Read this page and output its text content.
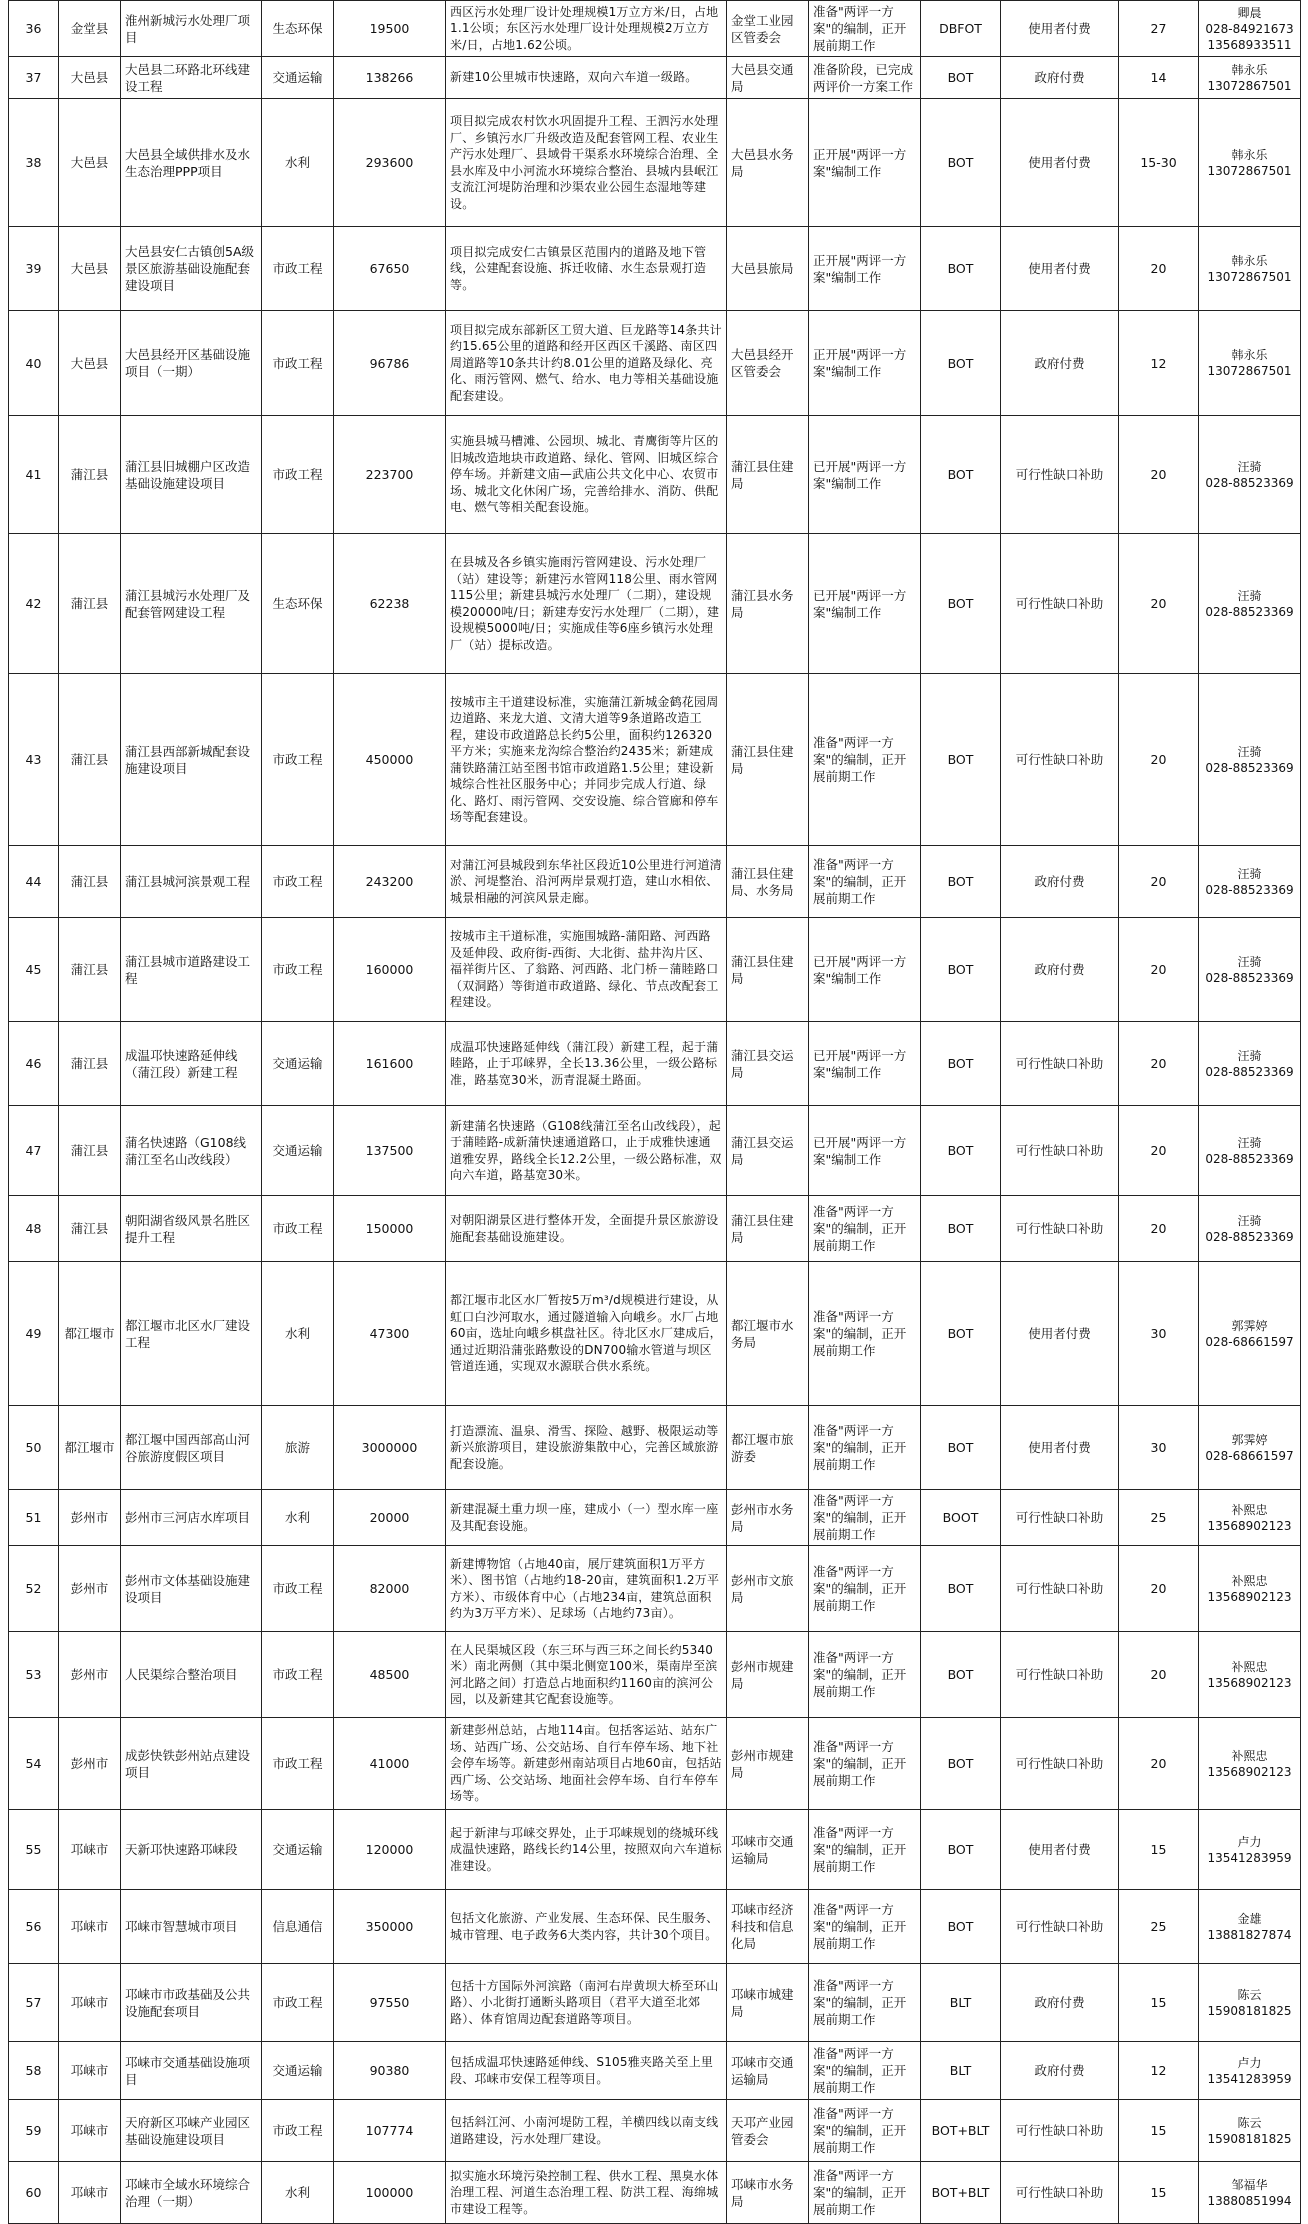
36	金堂县	淮州新城污水处理厂项目	生态环保	19500	西区污水处理厂设计处理规模1万立方米/日，占地1.1公顷；东区污水处理厂设计处理规模2万立方米/日，占地1.62公顷。	金堂工业园区管委会	准备"两评一方案"的编制，正开展前期工作	DBFOT	使用者付费	27	卿晨
028-84921673
13568933511

37	大邑县	大邑县二环路北环线建设工程	交通运输	138266	新建10公里城市快速路，双向六车道一级路。	大邑县交通局	准备阶段，已完成两评价一方案工作	BOT	政府付费	14	韩永乐
13072867501

38	大邑县	大邑县全域供排水及水生态治理PPP项目	水利	293600	项目拟完成农村饮水巩固提升工程、王泗污水处理厂、乡镇污水厂升级改造及配套管网工程、农业生产污水处理厂、县域骨干渠系水环境综合治理、全县水库及中小河流水环境综合整治、县城内县岷江支流江河堤防治理和沙渠农业公园生态湿地等建设。	大邑县水务局	正开展"两评一方案"编制工作	BOT	使用者付费	15-30	韩永乐
13072867501

39	大邑县	大邑县安仁古镇创5A级景区旅游基础设施配套建设项目	市政工程	67650	项目拟完成安仁古镇景区范围内的道路及地下管线，公建配套设施、拆迁收储、水生态景观打造等。	大邑县旅局	正开展"两评一方案"编制工作	BOT	使用者付费	20	韩永乐
13072867501

40	大邑县	大邑县经开区基础设施项目（一期）	市政工程	96786	项目拟完成东部新区工贸大道、巨龙路等14条共计约15.65公里的道路和经开区西区千溪路、南区四周道路等10条共计约8.01公里的道路及绿化、亮化、雨污管网、燃气、给水、电力等相关基础设施配套建设。	大邑县经开区管委会	正开展"两评一方案"编制工作	BOT	政府付费	12	韩永乐
13072867501

41	蒲江县	蒲江县旧城棚户区改造基础设施建设项目	市政工程	223700	实施县城马槽滩、公园坝、城北、青鹰街等片区的旧城改造地块市政道路、绿化、管网、旧城区综合停车场。并新建文庙—武庙公共文化中心、农贸市场、城北文化休闲广场，完善给排水、消防、供配电、燃气等相关配套设施。	蒲江县住建局	已开展"两评一方案"编制工作	BOT	可行性缺口补助	20	汪骑
028-88523369

42	蒲江县	蒲江县城污水处理厂及配套管网建设工程	生态环保	62238	在县城及各乡镇实施雨污管网建设、污水处理厂（站）建设等；新建污水管网118公里、雨水管网115公里；新建县城污水处理厂（二期），建设规模20000吨/日；新建寿安污水处理厂（二期），建设规模5000吨/日；实施成佳等6座乡镇污水处理厂（站）提标改造。	蒲江县水务局	已开展"两评一方案"编制工作	BOT	可行性缺口补助	20	汪骑
028-88523369

43	蒲江县	蒲江县西部新城配套设施建设项目	市政工程	450000	按城市主干道建设标准，实施蒲江新城金鹤花园周边道路、来龙大道、文清大道等9条道路改造工程，建设市政道路总长约5公里，面积约126320平方米；实施来龙沟综合整治约2435米；新建成蒲铁路蒲江站至图书馆市政道路1.5公里；建设新城综合性社区服务中心；并同步完成人行道、绿化、路灯、雨污管网、交安设施、综合管廊和停车场等配套建设。	蒲江县住建局	准备"两评一方案"的编制，正开展前期工作	BOT	可行性缺口补助	20	汪骑
028-88523369

44	蒲江县	蒲江县城河滨景观工程	市政工程	243200	对蒲江河县城段到东华社区段近10公里进行河道清淤、河堤整治、沿河两岸景观打造，建山水相依、城景相融的河滨风景走廊。	蒲江县住建局、水务局	准备"两评一方案"的编制，正开展前期工作	BOT	政府付费	20	汪骑
028-88523369

45	蒲江县	蒲江县城市道路建设工程	市政工程	160000	按城市主干道标准，实施围城路-蒲阳路、河西路及延伸段、政府街-西街、大北街、盐井沟片区、福祥街片区、了翁路、河西路、北门桥－蒲睦路口（双洞路）等街道市政道路、绿化、节点改配套工程建设。	蒲江县住建局	已开展"两评一方案"编制工作	BOT	政府付费	20	汪骑
028-88523369

46	蒲江县	成温邛快速路延伸线（蒲江段）新建工程	交通运输	161600	成温邛快速路延伸线（蒲江段）新建工程，起于蒲睦路，止于邛崃界，全长13.36公里，一级公路标准，路基宽30米，沥青混凝土路面。	蒲江县交运局	已开展"两评一方案"编制工作	BOT	可行性缺口补助	20	汪骑
028-88523369

47	蒲江县	蒲名快速路（G108线蒲江至名山改线段）	交通运输	137500	新建蒲名快速路（G108线蒲江至名山改线段），起于蒲睦路-成新蒲快速通道路口，止于成雅快速通道雅安界，路线全长12.2公里，一级公路标准，双向六车道，路基宽30米。	蒲江县交运局	已开展"两评一方案"编制工作	BOT	可行性缺口补助	20	汪骑
028-88523369

48	蒲江县	朝阳湖省级风景名胜区提升工程	市政工程	150000	对朝阳湖景区进行整体开发，全面提升景区旅游设施配套基础设施建设。	蒲江县住建局	准备"两评一方案"的编制，正开展前期工作	BOT	可行性缺口补助	20	汪骑
028-88523369

49	都江堰市	都江堰市北区水厂建设工程	水利	47300	都江堰市北区水厂暂按5万m³/d规模进行建设，从虹口白沙河取水，通过隧道输入向峨乡。水厂占地60亩，选址向峨乡棋盘社区。待北区水厂建成后，通过近期沿蒲张路敷设的DN700输水管道与坝区管道连通，实现双水源联合供水系统。	都江堰市水务局	准备"两评一方案"的编制，正开展前期工作	BOT	使用者付费	30	郭霁婷
028-68661597

50	都江堰市	都江堰中国西部高山河谷旅游度假区项目	旅游	3000000	打造漂流、温泉、滑雪、探险、越野、极限运动等新兴旅游项目，建设旅游集散中心，完善区域旅游配套设施。	都江堰市旅游委	准备"两评一方案"的编制，正开展前期工作	BOT	使用者付费	30	郭霁婷
028-68661597

51	彭州市	彭州市三河店水库项目	水利	20000	新建混凝土重力坝一座，建成小（一）型水库一座及其配套设施。	彭州市水务局	准备"两评一方案"的编制，正开展前期工作	BOOT	可行性缺口补助	25	补熙忠
13568902123

52	彭州市	彭州市文体基础设施建设项目	市政工程	82000	新建博物馆（占地40亩，展厅建筑面积1万平方米）、图书馆（占地约18-20亩，建筑面积1.2万平方米）、市级体育中心（占地234亩，建筑总面积约为3万平方米）、足球场（占地约73亩）。	彭州市文旅局	准备"两评一方案"的编制，正开展前期工作	BOT	可行性缺口补助	20	补熙忠
13568902123

53	彭州市	人民渠综合整治项目	市政工程	48500	在人民渠城区段（东三环与西三环之间长约5340米）南北两侧（其中渠北侧宽100米，渠南岸至滨河北路之间）打造总占地面积约1160亩的滨河公园，以及新建其它配套设施等。	彭州市规建局	准备"两评一方案"的编制，正开展前期工作	BOT	可行性缺口补助	20	补熙忠
13568902123

54	彭州市	成彭快铁彭州站点建设项目	市政工程	41000	新建彭州总站，占地114亩。包括客运站、站东广场、站西广场、公交站场、自行车停车场、地下社会停车场等。新建彭州南站项目占地60亩，包括站西广场、公交站场、地面社会停车场、自行车停车场等。	彭州市规建局	准备"两评一方案"的编制，正开展前期工作	BOT	可行性缺口补助	20	补熙忠
13568902123

55	邛崃市	天新邛快速路邛崃段	交通运输	120000	起于新津与邛崃交界处，止于邛崃规划的绕城环线成温快速路，路线长约14公里，按照双向六车道标准建设。	邛崃市交通运输局	准备"两评一方案"的编制，正开展前期工作	BOT	使用者付费	15	卢力
13541283959

56	邛崃市	邛崃市智慧城市项目	信息通信	350000	包括文化旅游、产业发展、生态环保、民生服务、城市管理、电子政务6大类内容，共计30个项目。	邛崃市经济科技和信息化局	准备"两评一方案"的编制，正开展前期工作	BOT	可行性缺口补助	25	金雄
13881827874

57	邛崃市	邛崃市市政基础及公共设施配套项目	市政工程	97550	包括十方国际外河滨路（南河右岸黄坝大桥至环山路）、小北街打通断头路项目（君平大道至北郊路）、体育馆周边配套道路等项目。	邛崃市城建局	准备"两评一方案"的编制，正开展前期工作	BLT	政府付费	15	陈云
15908181825

58	邛崃市	邛崃市交通基础设施项目	交通运输	90380	包括成温邛快速路延伸线、S105雅夹路关至上里段、邛崃市安保工程等项目。	邛崃市交通运输局	准备"两评一方案"的编制，正开展前期工作	BLT	政府付费	12	卢力
13541283959

59	邛崃市	天府新区邛崃产业园区基础设施建设项目	市政工程	107774	包括斜江河、小南河堤防工程，羊横四线以南支线道路建设，污水处理厂建设。	天邛产业园管委会	准备"两评一方案"的编制，正开展前期工作	BOT+BLT	可行性缺口补助	15	陈云
15908181825

60	邛崃市	邛崃市全域水环境综合治理（一期）	水利	100000	拟实施水环境污染控制工程、供水工程、黑臭水体治理工程、河道生态治理工程、防洪工程、海绵城市建设工程等。	邛崃市水务局	准备"两评一方案"的编制，正开展前期工作	BOT+BLT	可行性缺口补助	15	邹福华
13880851994
